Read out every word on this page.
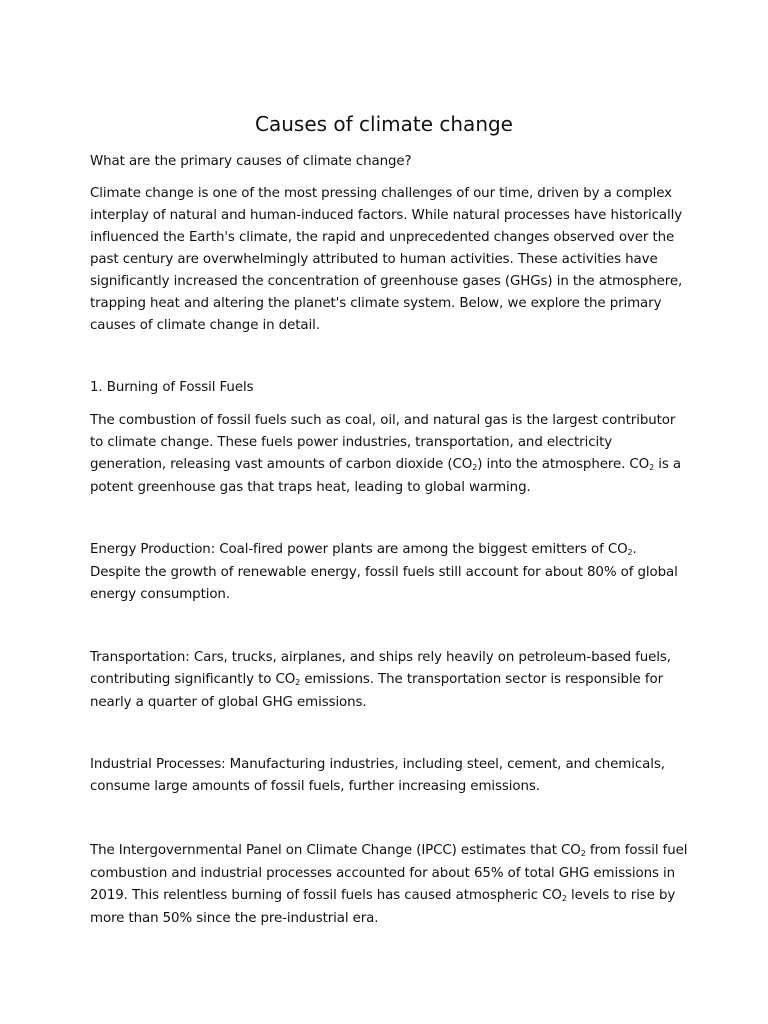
Causes of climate change

What are the primary causes of climate change?

Climate change is one of the most pressing challenges of our time, driven by a complex interplay of natural and human-induced factors. While natural processes have historically influenced the Earth's climate, the rapid and unprecedented changes observed over the past century are overwhelmingly attributed to human activities. These activities have significantly increased the concentration of greenhouse gases (GHGs) in the atmosphere, trapping heat and altering the planet's climate system. Below, we explore the primary causes of climate change in detail.

1. Burning of Fossil Fuels

The combustion of fossil fuels such as coal, oil, and natural gas is the largest contributor to climate change. These fuels power industries, transportation, and electricity generation, releasing vast amounts of carbon dioxide $(CO_2)$ into the atmosphere. $CO_2$ is a potent greenhouse gas that traps heat, leading to global warming.

Energy Production: Coal-fired power plants are among the biggest emitters of $CO_2$. Despite the growth of renewable energy, fossil fuels still account for about 80% of global energy consumption.

Transportation: Cars, trucks, airplanes, and ships rely heavily on petroleum-based fuels, contributing significantly to $CO_2$ emissions. The transportation sector is responsible for nearly a quarter of global GHG emissions.

Industrial Processes: Manufacturing industries, including steel, cement, and chemicals, consume large amounts of fossil fuels, further increasing emissions.

The Intergovernmental Panel on Climate Change (IPCC) estimates that $CO_2$ from fossil fuel combustion and industrial processes accounted for about 65% of total GHG emissions in 2019. This relentless burning of fossil fuels has caused atmospheric $CO_2$ levels to rise by more than 50% since the pre-industrial era.
